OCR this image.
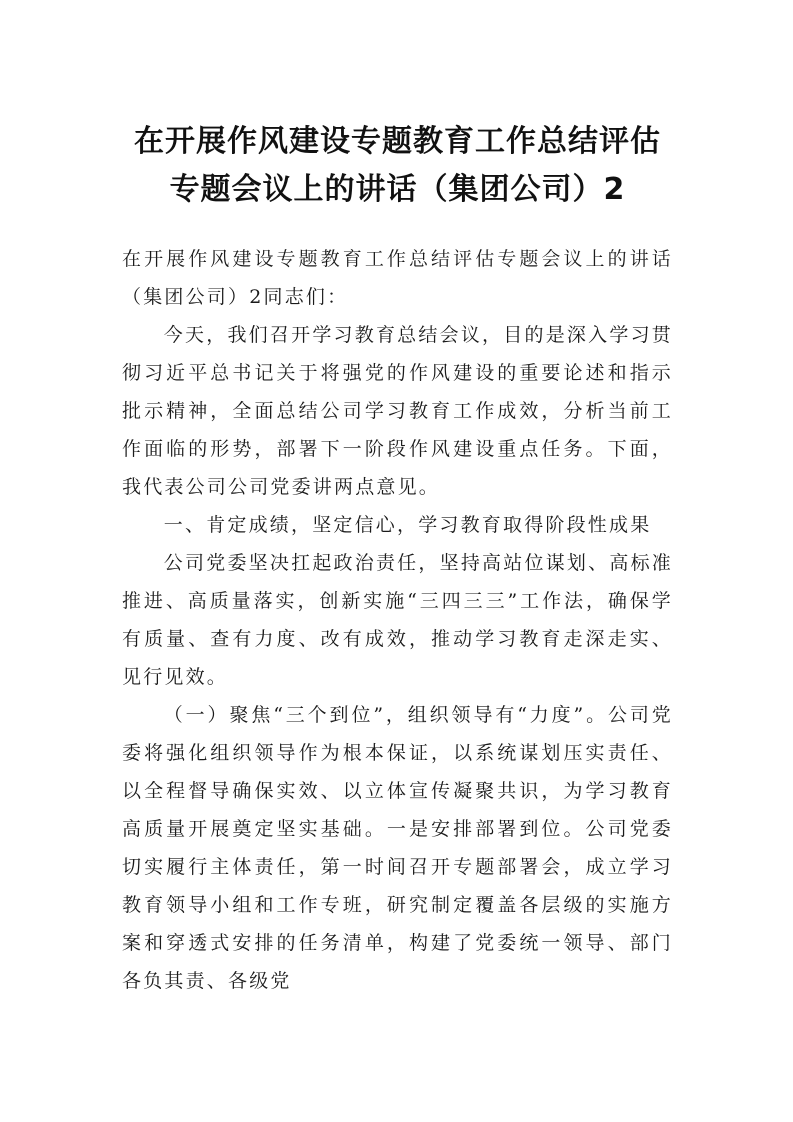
在开展作风建设专题教育工作总结评估专题会议上的讲话（集团公司）2

在开展作风建设专题教育工作总结评估专题会议上的讲话（集团公司）2同志们：

今天，我们召开学习教育总结会议，目的是深入学习贯彻习近平总书记关于将强党的作风建设的重要论述和指示批示精神，全面总结公司学习教育工作成效，分析当前工作面临的形势，部署下一阶段作风建设重点任务。下面，我代表公司公司党委讲两点意见。

一、肯定成绩，坚定信心，学习教育取得阶段性成果

公司党委坚决扛起政治责任，坚持高站位谋划、高标准推进、高质量落实，创新实施“三四三三”工作法，确保学有质量、查有力度、改有成效，推动学习教育走深走实、见行见效。

（一）聚焦“三个到位”，组织领导有“力度”。公司党委将强化组织领导作为根本保证，以系统谋划压实责任、以全程督导确保实效、以立体宣传凝聚共识，为学习教育高质量开展奠定坚实基础。一是安排部署到位。公司党委切实履行主体责任，第一时间召开专题部署会，成立学习教育领导小组和工作专班，研究制定覆盖各层级的实施方案和穿透式安排的任务清单，构建了党委统一领导、部门各负其责、各级党
